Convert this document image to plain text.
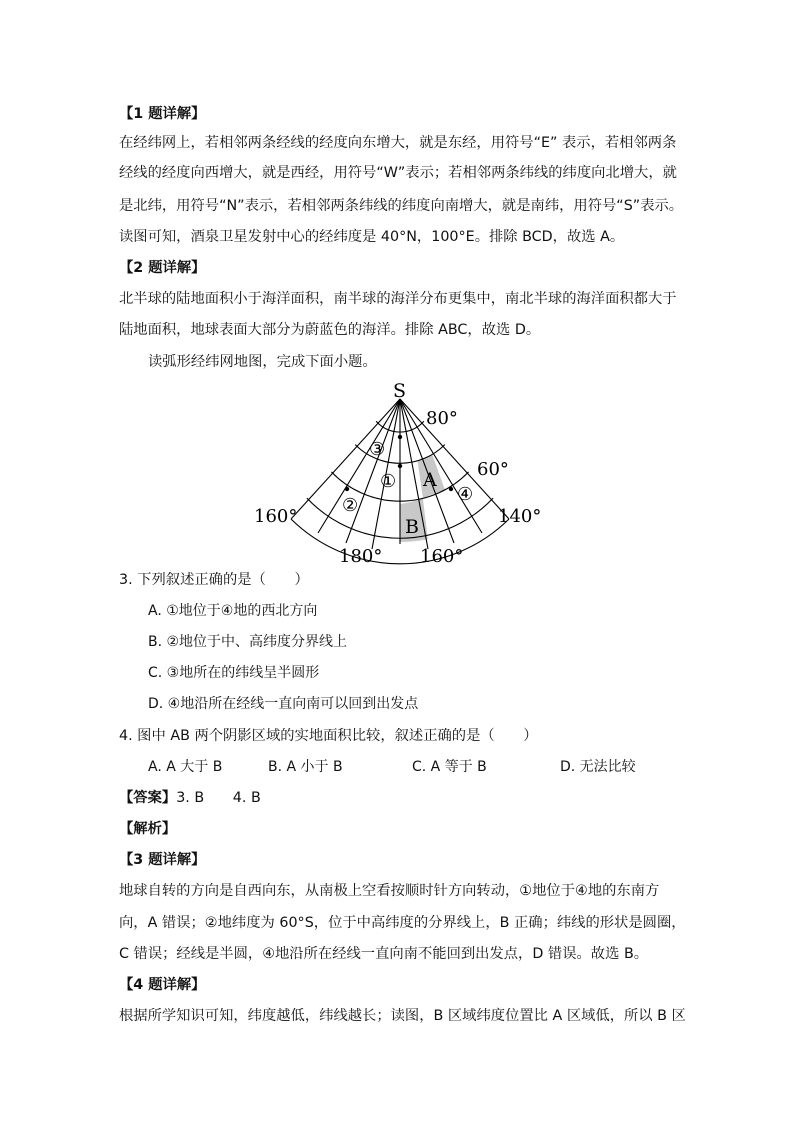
【1 题详解】
在经纬网上，若相邻两条经线的经度向东增大，就是东经，用符号“E” 表示，若相邻两条
经线的经度向西增大，就是西经，用符号“W”表示；若相邻两条纬线的纬度向北增大，就
是北纬，用符号“N”表示，若相邻两条纬线的纬度向南增大，就是南纬，用符号“S”表示。
读图可知，酒泉卫星发射中心的经纬度是 40°N，100°E。排除 BCD，故选 A。
【2 题详解】
北半球的陆地面积小于海洋面积，南半球的海洋分布更集中，南北半球的海洋面积都大于
陆地面积，地球表面大部分为蔚蓝色的海洋。排除 ABC，故选 D。
读弧形经纬网地图，完成下面小题。
S
80°
60°
160°	140°
180° 160°
A
B
①
②
③
④
3. 下列叙述正确的是（　　）
A. ①地位于④地的西北方向
B. ②地位于中、高纬度分界线上
C. ③地所在的纬线呈半圆形
D. ④地沿所在经线一直向南可以回到出发点
4. 图中 AB 两个阴影区域的实地面积比较，叙述正确的是（　　）
A. A 大于 B	B. A 小于 B	C. A 等于 B	D. 无法比较
【答案】3. B　　4. B
【解析】
【3 题详解】
地球自转的方向是自西向东，从南极上空看按顺时针方向转动，①地位于④地的东南方
向，A 错误；②地纬度为 60°S，位于中高纬度的分界线上，B 正确；纬线的形状是圆圈，
C 错误；经线是半圆，④地沿所在经线一直向南不能回到出发点，D 错误。故选 B。
【4 题详解】
根据所学知识可知，纬度越低，纬线越长；读图，B 区域纬度位置比 A 区域低，所以 B 区
